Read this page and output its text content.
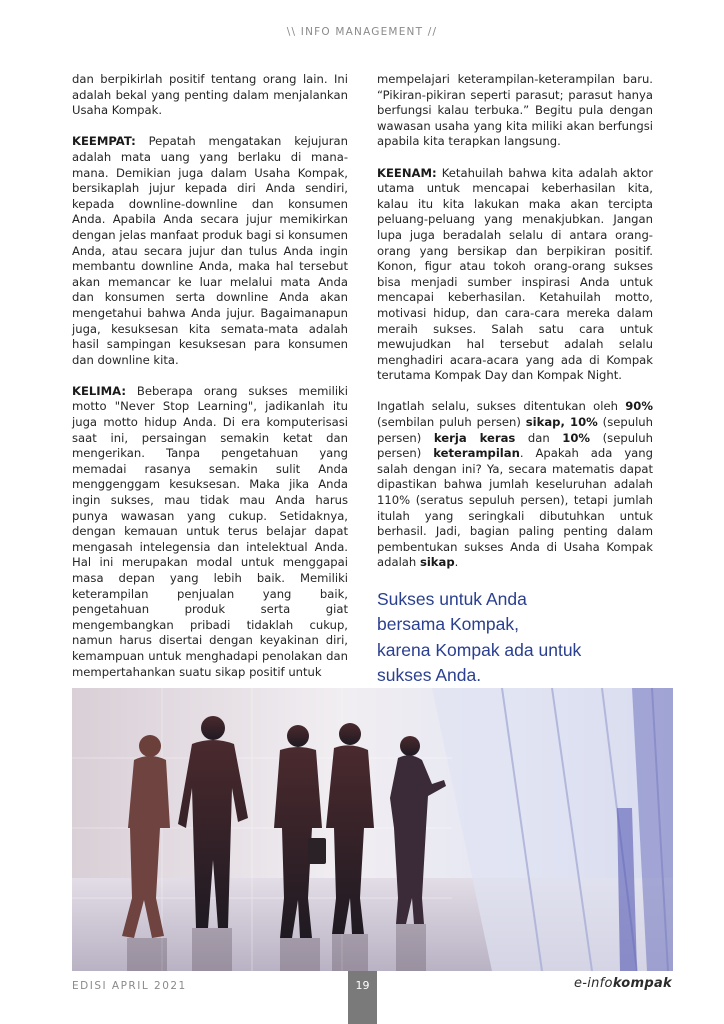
\\ INFO MANAGEMENT //

dan berpikirlah positif tentang orang lain. Ini adalah bekal yang penting dalam menjalankan Usaha Kompak.

KEEMPAT: Pepatah mengatakan kejujuran adalah mata uang yang berlaku di mana-mana. Demikian juga dalam Usaha Kompak, bersikaplah jujur kepada diri Anda sendiri, kepada downline-downline dan konsumen Anda. Apabila Anda secara jujur memikirkan dengan jelas manfaat produk bagi si konsumen Anda, atau secara jujur dan tulus Anda ingin membantu downline Anda, maka hal tersebut akan memancar ke luar melalui mata Anda dan konsumen serta downline Anda akan mengetahui bahwa Anda jujur. Bagaimanapun juga, kesuksesan kita semata-mata adalah hasil sampingan kesuksesan para konsumen dan downline kita.

KELIMA: Beberapa orang sukses memiliki motto "Never Stop Learning", jadikanlah itu juga motto hidup Anda. Di era komputerisasi saat ini, persaingan semakin ketat dan mengerikan. Tanpa pengetahuan yang memadai rasanya semakin sulit Anda menggenggam kesuksesan. Maka jika Anda ingin sukses, mau tidak mau Anda harus punya wawasan yang cukup. Setidaknya, dengan kemauan untuk terus belajar dapat mengasah intelegensia dan intelektual Anda. Hal ini merupakan modal untuk menggapai masa depan yang lebih baik. Memiliki keterampilan penjualan yang baik, pengetahuan produk serta giat mengembangkan pribadi tidaklah cukup, namun harus disertai dengan keyakinan diri, kemampuan untuk menghadapi penolakan dan mempertahankan suatu sikap positif untuk

mempelajari keterampilan-keterampilan baru. “Pikiran-pikiran seperti parasut; parasut hanya berfungsi kalau terbuka.” Begitu pula dengan wawasan usaha yang kita miliki akan berfungsi apabila kita terapkan langsung.

KEENAM: Ketahuilah bahwa kita adalah aktor utama untuk mencapai keberhasilan kita, kalau itu kita lakukan maka akan tercipta peluang-peluang yang menakjubkan. Jangan lupa juga beradalah selalu di antara orang-orang yang bersikap dan berpikiran positif. Konon, figur atau tokoh orang-orang sukses bisa menjadi sumber inspirasi Anda untuk mencapai keberhasilan. Ketahuilah motto, motivasi hidup, dan cara-cara mereka dalam meraih sukses. Salah satu cara untuk mewujudkan hal tersebut adalah selalu menghadiri acara-acara yang ada di Kompak terutama Kompak Day dan Kompak Night.

Ingatlah selalu, sukses ditentukan oleh 90% (sembilan puluh persen) sikap, 10% (sepuluh persen) kerja keras dan 10% (sepuluh persen) keterampilan. Apakah ada yang salah dengan ini? Ya, secara matematis dapat dipastikan bahwa jumlah keseluruhan adalah 110% (seratus sepuluh persen), tetapi jumlah itulah yang seringkali dibutuhkan untuk berhasil. Jadi, bagian paling penting dalam pembentukan sukses Anda di Usaha Kompak adalah sikap.

Sukses untuk Anda
bersama Kompak,
karena Kompak ada untuk
sukses Anda.
EDISI APRIL 2021	19	e-infokompak
